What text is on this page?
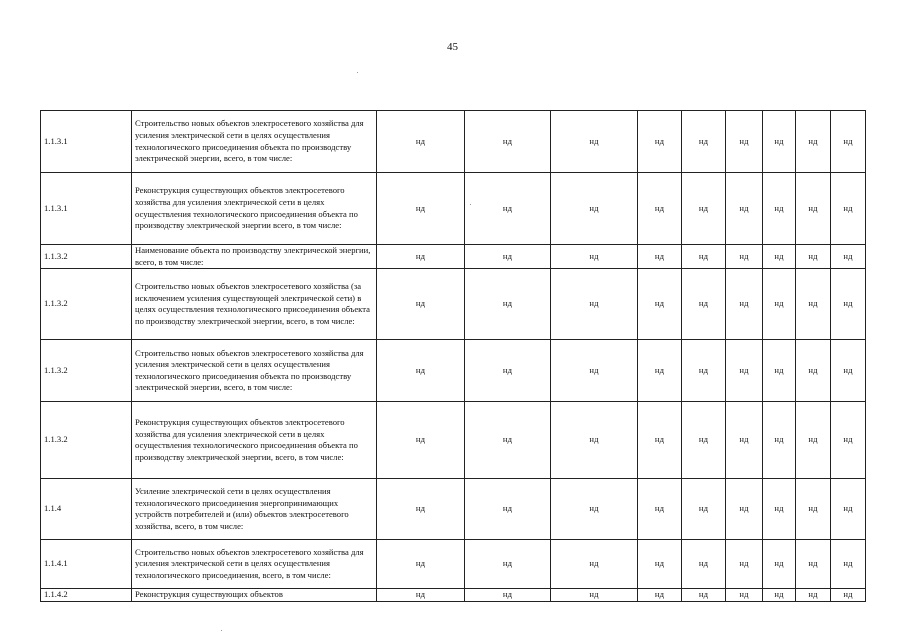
45
1.1.3.1	Строительство новых объектов электросетевого хозяйства для усиления электрической сети в целях осуществления технологического присоединения объекта по производству электрической энергии, всего, в том числе:	нд	нд	нд	нд	нд	нд	нд	нд	нд
1.1.3.1	Реконструкция существующих объектов электросетевого хозяйства для усиления электрической сети в целях осуществления технологического присоединения объекта по производству электрической энергии всего, в том числе:	нд	нд	нд	нд	нд	нд	нд	нд	нд
1.1.3.2	Наименование объекта по производству электрической энергии, всего, в том числе:	нд	нд	нд	нд	нд	нд	нд	нд	нд
1.1.3.2	Строительство новых объектов электросетевого хозяйства (за исключением усиления существующей электрической сети) в целях осуществления технологического присоединения объекта по производству электрической энергии, всего, в том числе:	нд	нд	нд	нд	нд	нд	нд	нд	нд
1.1.3.2	Строительство новых объектов электросетевого хозяйства для усиления электрической сети в целях осуществления технологического присоединения объекта по производству электрической энергии, всего, в том числе:	нд	нд	нд	нд	нд	нд	нд	нд	нд
1.1.3.2	Реконструкция существующих объектов электросетевого хозяйства для усиления электрической сети в целях осуществления технологического присоединения объекта по производству электрической энергии, всего, в том числе:	нд	нд	нд	нд	нд	нд	нд	нд	нд
1.1.4	Усиление электрической сети в целях осуществления технологического присоединения энергопринимающих устройств потребителей и (или) объектов электросетевого хозяйства, всего, в том числе:	нд	нд	нд	нд	нд	нд	нд	нд	нд
1.1.4.1	Строительство новых объектов электросетевого хозяйства для усиления электрической сети в целях осуществления технологического присоединения, всего, в том числе:	нд	нд	нд	нд	нд	нд	нд	нд	нд
1.1.4.2	Реконструкция существующих объектов	нд	нд	нд	нд	нд	нд	нд	нд	нд
